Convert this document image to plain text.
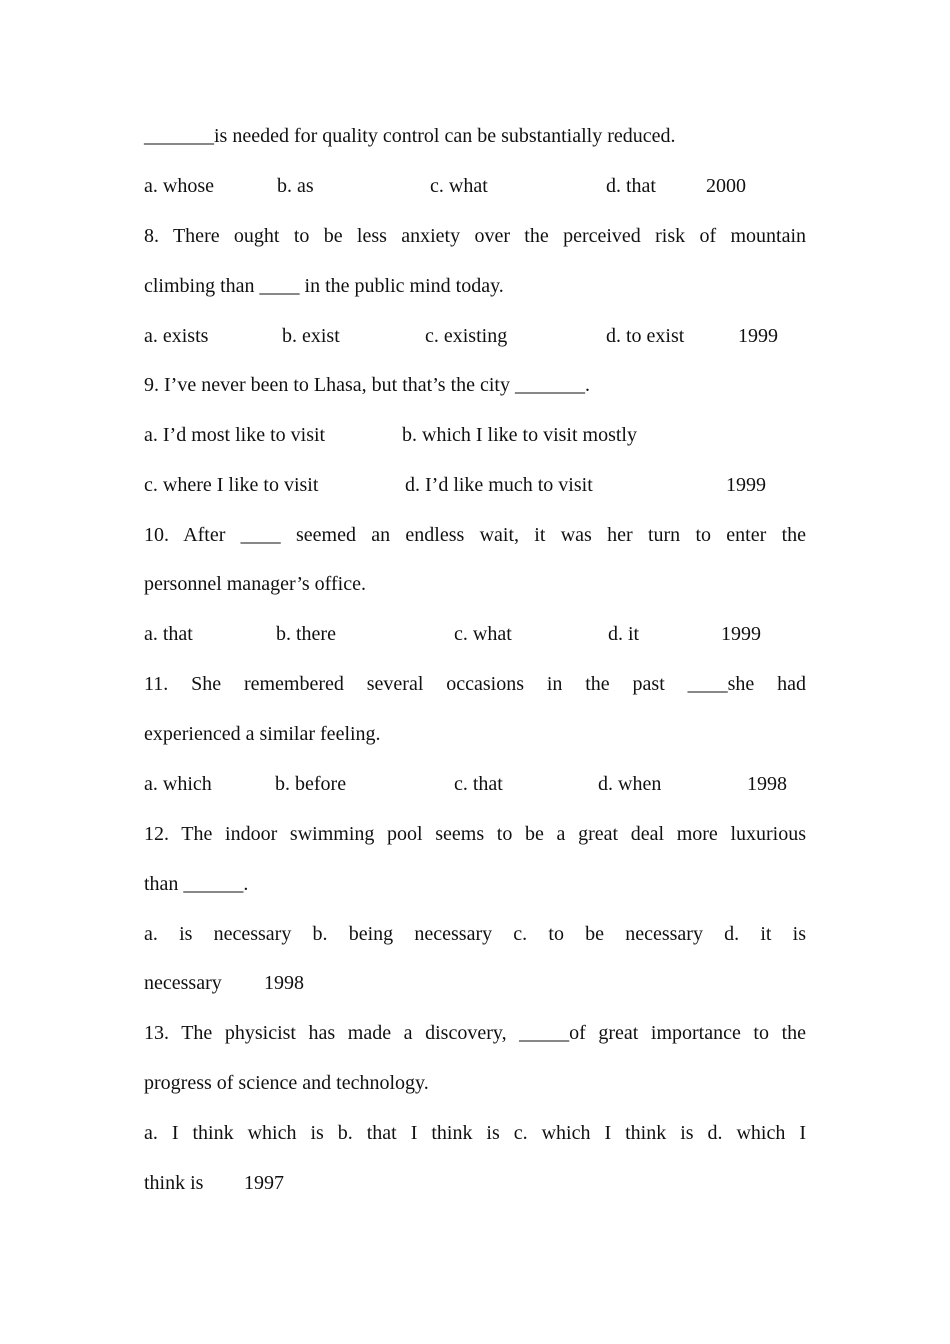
_______is needed for quality control can be substantially reduced.
a. whose	b. as	c. what	d. that	2000
8. There ought to be less anxiety over the perceived risk of mountain
climbing than ____ in the public mind today.
a. exists	b. exist	c. existing	d. to exist	1999
9. I’ve never been to Lhasa, but that’s the city _______.
a. I’d most like to visit	b. which I like to visit mostly
c. where I like to visit	d. I’d like much to visit	1999
10. After ____ seemed an endless wait, it was her turn to enter the
personnel manager’s office.
a. that	b. there	c. what	d. it	1999
11. She remembered several occasions in the past ____she had
experienced a similar feeling.
a. which	b. before	c. that	d. when	1998
12. The indoor swimming pool seems to be a great deal more luxurious
than ______.
a. is necessary b. being necessary c. to be necessary d. it is
necessary 1998
13. The physicist has made a discovery, _____of great importance to the
progress of science and technology.
a. I think which is b. that I think is c. which I think is d. which I
think is 1997
